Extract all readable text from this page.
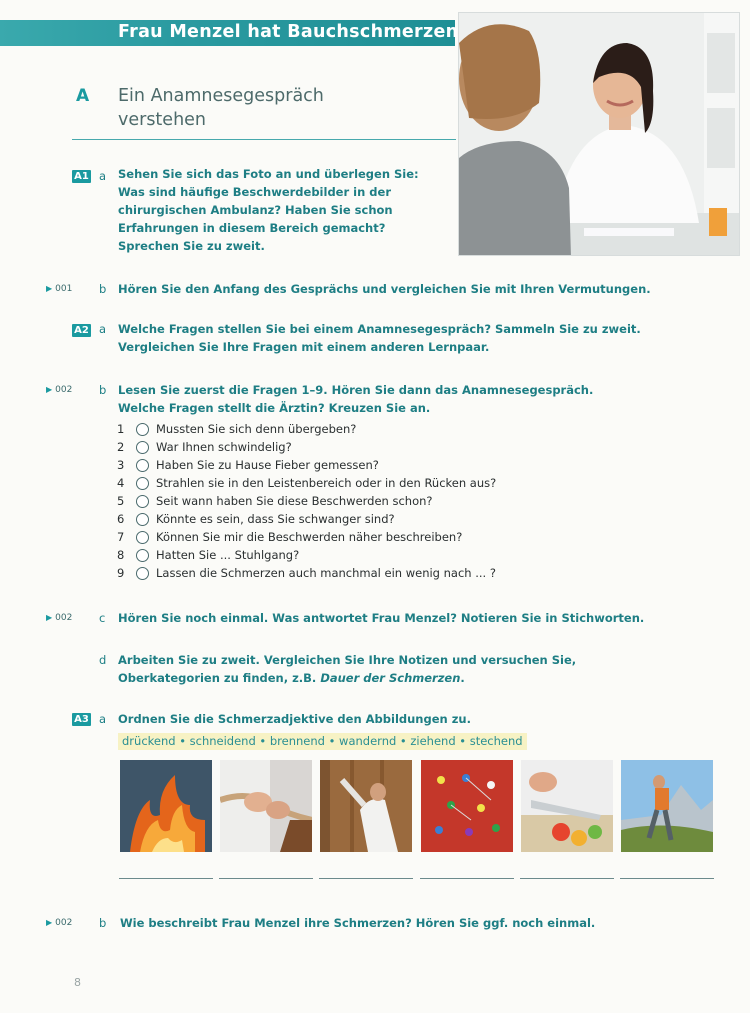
Frau Menzel hat Bauchschmerzen
A Ein Anamnesegespräch
verstehen
A1 a Sehen Sie sich das Foto an und überlegen Sie:
Was sind häufige Beschwerdebilder in der
chirurgischen Ambulanz? Haben Sie schon
Erfahrungen in diesem Bereich gemacht?
Sprechen Sie zu zweit.
▶ 001 b Hören Sie den Anfang des Gesprächs und vergleichen Sie mit Ihren Vermutungen.
A2 a Welche Fragen stellen Sie bei einem Anamnesegespräch? Sammeln Sie zu zweit.
Vergleichen Sie Ihre Fragen mit einem anderen Lernpaar.
▶ 002 b Lesen Sie zuerst die Fragen 1–9. Hören Sie dann das Anamnesegespräch.
Welche Fragen stellt die Ärztin? Kreuzen Sie an.
1	Mussten Sie sich denn übergeben?
2	War Ihnen schwindelig?
3	Haben Sie zu Hause Fieber gemessen?
4	Strahlen sie in den Leistenbereich oder in den Rücken aus?
5	Seit wann haben Sie diese Beschwerden schon?
6	Könnte es sein, dass Sie schwanger sind?
7	Können Sie mir die Beschwerden näher beschreiben?
8	Hatten Sie ... Stuhlgang?
9	Lassen die Schmerzen auch manchmal ein wenig nach ... ?
▶ 002 c Hören Sie noch einmal. Was antwortet Frau Menzel? Notieren Sie in Stichworten.
d Arbeiten Sie zu zweit. Vergleichen Sie Ihre Notizen und versuchen Sie,
Oberkategorien zu finden, z.B. Dauer der Schmerzen.
A3 a Ordnen Sie die Schmerzadjektive den Abbildungen zu.
drückend • schneidend • brennend • wandernd • ziehend • stechend
▶ 002 b Wie beschreibt Frau Menzel ihre Schmerzen? Hören Sie ggf. noch einmal.
8
